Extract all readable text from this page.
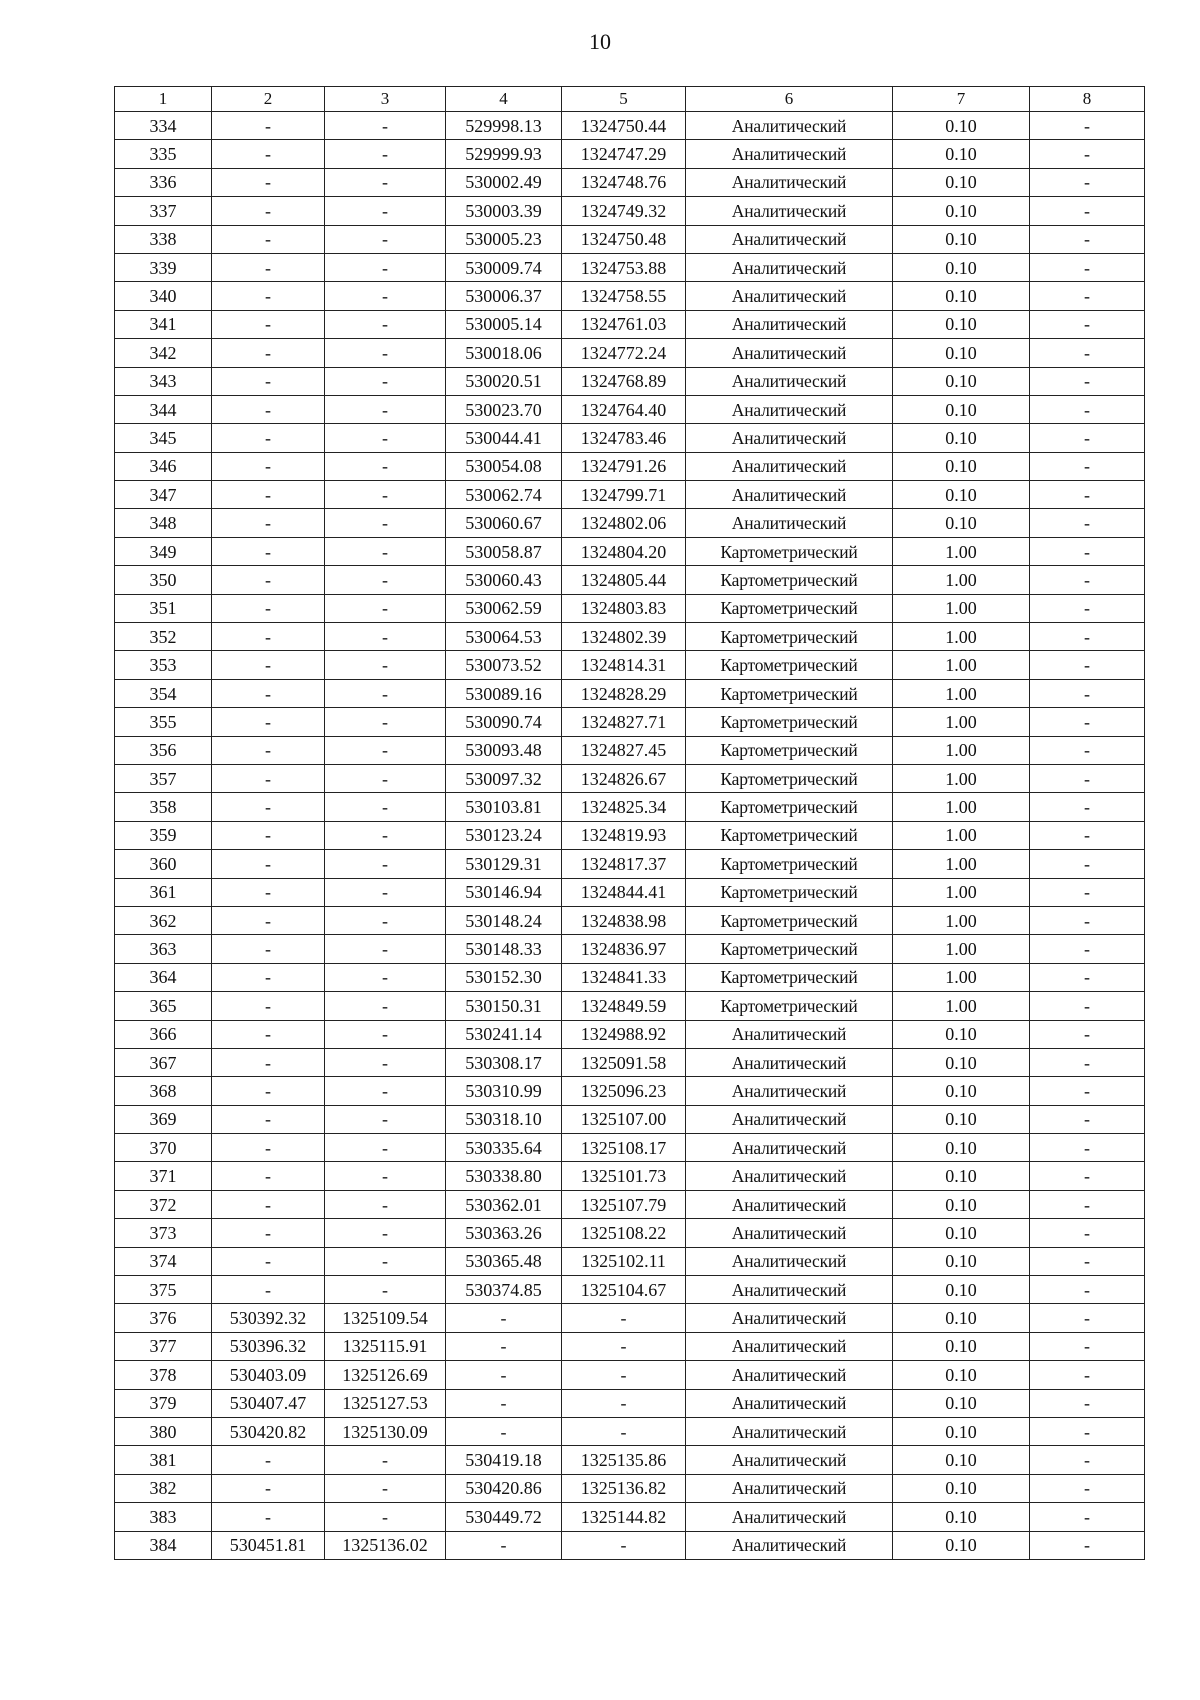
10
1	2	3	4	5	6	7	8
334	-	-	529998.13	1324750.44	Аналитический	0.10	-
335	-	-	529999.93	1324747.29	Аналитический	0.10	-
336	-	-	530002.49	1324748.76	Аналитический	0.10	-
337	-	-	530003.39	1324749.32	Аналитический	0.10	-
338	-	-	530005.23	1324750.48	Аналитический	0.10	-
339	-	-	530009.74	1324753.88	Аналитический	0.10	-
340	-	-	530006.37	1324758.55	Аналитический	0.10	-
341	-	-	530005.14	1324761.03	Аналитический	0.10	-
342	-	-	530018.06	1324772.24	Аналитический	0.10	-
343	-	-	530020.51	1324768.89	Аналитический	0.10	-
344	-	-	530023.70	1324764.40	Аналитический	0.10	-
345	-	-	530044.41	1324783.46	Аналитический	0.10	-
346	-	-	530054.08	1324791.26	Аналитический	0.10	-
347	-	-	530062.74	1324799.71	Аналитический	0.10	-
348	-	-	530060.67	1324802.06	Аналитический	0.10	-
349	-	-	530058.87	1324804.20	Картометрический	1.00	-
350	-	-	530060.43	1324805.44	Картометрический	1.00	-
351	-	-	530062.59	1324803.83	Картометрический	1.00	-
352	-	-	530064.53	1324802.39	Картометрический	1.00	-
353	-	-	530073.52	1324814.31	Картометрический	1.00	-
354	-	-	530089.16	1324828.29	Картометрический	1.00	-
355	-	-	530090.74	1324827.71	Картометрический	1.00	-
356	-	-	530093.48	1324827.45	Картометрический	1.00	-
357	-	-	530097.32	1324826.67	Картометрический	1.00	-
358	-	-	530103.81	1324825.34	Картометрический	1.00	-
359	-	-	530123.24	1324819.93	Картометрический	1.00	-
360	-	-	530129.31	1324817.37	Картометрический	1.00	-
361	-	-	530146.94	1324844.41	Картометрический	1.00	-
362	-	-	530148.24	1324838.98	Картометрический	1.00	-
363	-	-	530148.33	1324836.97	Картометрический	1.00	-
364	-	-	530152.30	1324841.33	Картометрический	1.00	-
365	-	-	530150.31	1324849.59	Картометрический	1.00	-
366	-	-	530241.14	1324988.92	Аналитический	0.10	-
367	-	-	530308.17	1325091.58	Аналитический	0.10	-
368	-	-	530310.99	1325096.23	Аналитический	0.10	-
369	-	-	530318.10	1325107.00	Аналитический	0.10	-
370	-	-	530335.64	1325108.17	Аналитический	0.10	-
371	-	-	530338.80	1325101.73	Аналитический	0.10	-
372	-	-	530362.01	1325107.79	Аналитический	0.10	-
373	-	-	530363.26	1325108.22	Аналитический	0.10	-
374	-	-	530365.48	1325102.11	Аналитический	0.10	-
375	-	-	530374.85	1325104.67	Аналитический	0.10	-
376	530392.32	1325109.54	-	-	Аналитический	0.10	-
377	530396.32	1325115.91	-	-	Аналитический	0.10	-
378	530403.09	1325126.69	-	-	Аналитический	0.10	-
379	530407.47	1325127.53	-	-	Аналитический	0.10	-
380	530420.82	1325130.09	-	-	Аналитический	0.10	-
381	-	-	530419.18	1325135.86	Аналитический	0.10	-
382	-	-	530420.86	1325136.82	Аналитический	0.10	-
383	-	-	530449.72	1325144.82	Аналитический	0.10	-
384	530451.81	1325136.02	-	-	Аналитический	0.10	-
